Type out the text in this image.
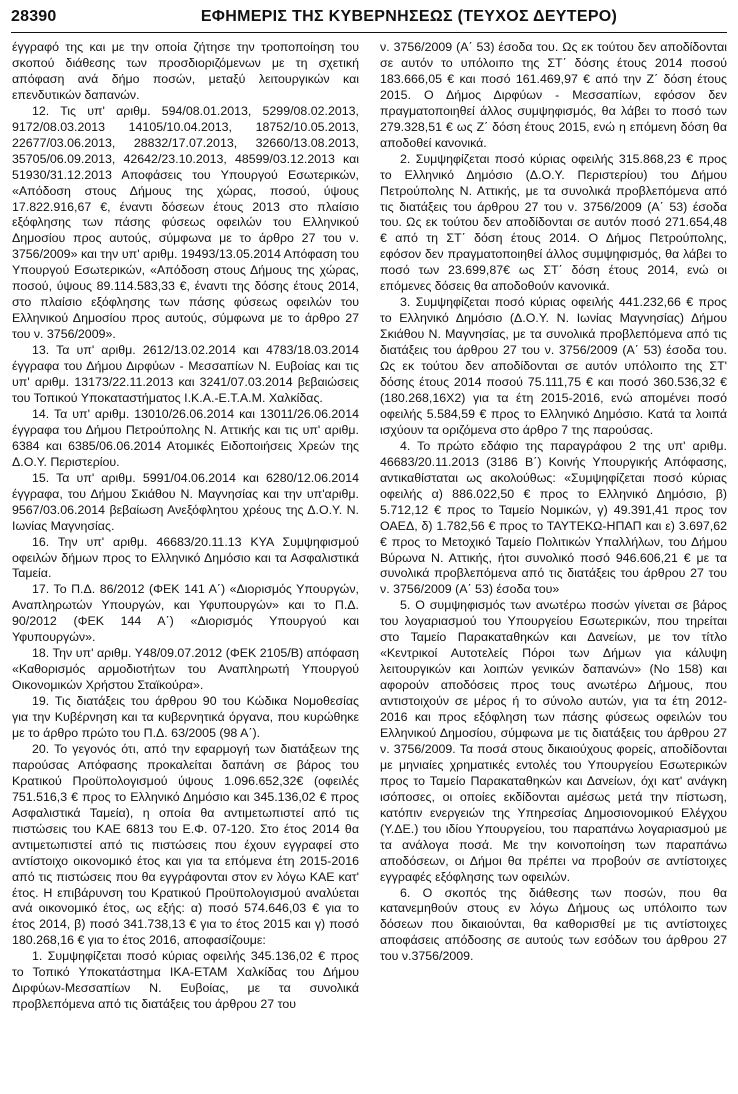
28390	ΕΦΗΜΕΡΙΣ ΤΗΣ ΚΥΒΕΡΝΗΣΕΩΣ (ΤΕΥΧΟΣ ΔΕΥΤΕΡΟ)

έγγραφό της και με την οποία ζήτησε την τροποποίηση του σκοπού διάθεσης των προσδιοριζόμενων με τη σχετική απόφαση ανά δήμο ποσών, μεταξύ λειτουργικών και επενδυτικών δαπανών.

12. Τις υπ' αριθμ. 594/08.01.2013, 5299/08.02.2013, 9172/08.03.2013 14105/10.04.2013, 18752/10.05.2013, 22677/03.06.2013, 28832/17.07.2013, 32660/13.08.2013, 35705/06.09.2013, 42642/23.10.2013, 48599/03.12.2013 και 51930/31.12.2013 Αποφάσεις του Υπουργού Εσωτερικών, «Απόδοση στους Δήμους της χώρας, ποσού, ύψους 17.822.916,67 €, έναντι δόσεων έτους 2013 στο πλαίσιο εξόφλησης των πάσης φύσεως οφειλών του Ελληνικού Δημοσίου προς αυτούς, σύμφωνα με το άρθρο 27 του ν. 3756/2009» και την υπ' αριθμ. 19493/13.05.2014 Απόφαση του Υπουργού Εσωτερικών, «Απόδοση στους Δήμους της χώρας, ποσού, ύψους 89.114.583,33 €, έναντι της δόσης έτους 2014, στο πλαίσιο εξόφλησης των πάσης φύσεως οφειλών του Ελληνικού Δημοσίου προς αυτούς, σύμφωνα με το άρθρο 27 του ν. 3756/2009».

13. Τα υπ' αριθμ. 2612/13.02.2014 και 4783/18.03.2014 έγγραφα του Δήμου Διρφύων - Μεσσαπίων Ν. Ευβοίας και τις υπ' αριθμ. 13173/22.11.2013 και 3241/07.03.2014 βεβαιώσεις του Τοπικού Υποκαταστήματος Ι.Κ.Α.-Ε.Τ.Α.Μ. Χαλκίδας.

14. Τα υπ' αριθμ. 13010/26.06.2014 και 13011/26.06.2014 έγγραφα του Δήμου Πετρούπολης Ν. Αττικής και τις υπ' αριθμ. 6384 και 6385/06.06.2014 Ατομικές Ειδοποιήσεις Χρεών της Δ.Ο.Υ. Περιστερίου.

15. Τα υπ' αριθμ. 5991/04.06.2014 και 6280/12.06.2014 έγγραφα, του Δήμου Σκιάθου Ν. Μαγνησίας και την υπ'αριθμ. 9567/03.06.2014 βεβαίωση Ανεξόφλητου χρέους της Δ.Ο.Υ. Ν. Ιωνίας Μαγνησίας.

16. Την υπ' αριθμ. 46683/20.11.13 ΚΥΑ Συμψηφισμού οφειλών δήμων προς το Ελληνικό Δημόσιο και τα Ασφαλιστικά Ταμεία.

17. Το Π.Δ. 86/2012 (ΦΕΚ 141 Α΄) «Διορισμός Υπουργών, Αναπληρωτών Υπουργών, και Υφυπουργών» και το Π.Δ. 90/2012 (ΦΕΚ 144 Α΄) «Διορισμός Υπουργού και Υφυπουργών».

18. Την υπ' αριθμ. Υ48/09.07.2012 (ΦΕΚ 2105/Β) απόφαση «Καθορισμός αρμοδιοτήτων του Αναπληρωτή Υπουργού Οικονομικών Χρήστου Σταϊκούρα».

19. Τις διατάξεις του άρθρου 90 του Κώδικα Νομοθεσίας για την Κυβέρνηση και τα κυβερνητικά όργανα, που κυρώθηκε με το άρθρο πρώτο του Π.Δ. 63/2005 (98 Α΄).

20. Το γεγονός ότι, από την εφαρμογή των διατάξεων της παρούσας Απόφασης προκαλείται δαπάνη σε βάρος του Κρατικού Προϋπολογισμού ύψους 1.096.652,32€ (οφειλές 751.516,3 € προς το Ελληνικό Δημόσιο και 345.136,02 € προς Ασφαλιστικά Ταμεία), η οποία θα αντιμετωπιστεί από τις πιστώσεις του ΚΑΕ 6813 του Ε.Φ. 07-120. Στο έτος 2014 θα αντιμετωπιστεί από τις πιστώσεις που έχουν εγγραφεί στο αντίστοιχο οικονομικό έτος και για τα επόμενα έτη 2015-2016 από τις πιστώσεις που θα εγγράφονται στον εν λόγω ΚΑΕ κατ' έτος. Η επιβάρυνση του Κρατικού Προϋπολογισμού αναλύεται ανά οικονομικό έτος, ως εξής: α) ποσό 574.646,03 € για το έτος 2014, β) ποσό 341.738,13 € για το έτος 2015 και γ) ποσό 180.268,16 € για το έτος 2016, αποφασίζουμε:

1. Συμψηφίζεται ποσό κύριας οφειλής 345.136,02 € προς το Τοπικό Υποκατάστημα ΙΚΑ-ΕΤΑΜ Χαλκίδας του Δήμου Διρφύων-Μεσσαπίων Ν. Ευβοίας, με τα συνολικά προβλεπόμενα από τις διατάξεις του άρθρου 27 του

ν. 3756/2009 (Α΄ 53) έσοδα του. Ως εκ τούτου δεν αποδίδονται σε αυτόν το υπόλοιπο της ΣΤ΄ δόσης έτους 2014 ποσού 183.666,05 € και ποσό 161.469,97 € από την Ζ΄ δόση έτους 2015. Ο Δήμος Διρφύων - Μεσσαπίων, εφόσον δεν πραγματοποιηθεί άλλος συμψηφισμός, θα λάβει το ποσό των 279.328,51 € ως Ζ΄ δόση έτους 2015, ενώ η επόμενη δόση θα αποδοθεί κανονικά.

2. Συμψηφίζεται ποσό κύριας οφειλής 315.868,23 € προς το Ελληνικό Δημόσιο (Δ.Ο.Υ. Περιστερίου) του Δήμου Πετρούπολης Ν. Αττικής, με τα συνολικά προβλεπόμενα από τις διατάξεις του άρθρου 27 του ν. 3756/2009 (Α΄ 53) έσοδα του. Ως εκ τούτου δεν αποδίδονται σε αυτόν ποσό 271.654,48 € από τη ΣΤ΄ δόση έτους 2014. Ο Δήμος Πετρούπολης, εφόσον δεν πραγματοποιηθεί άλλος συμψηφισμός, θα λάβει το ποσό των 23.699,87€ ως ΣΤ΄ δόση έτους 2014, ενώ οι επόμενες δόσεις θα αποδοθούν κανονικά.

3. Συμψηφίζεται ποσό κύριας οφειλής 441.232,66 € προς το Ελληνικό Δημόσιο (Δ.Ο.Υ. Ν. Ιωνίας Μαγνησίας) Δήμου Σκιάθου Ν. Μαγνησίας, με τα συνολικά προβλεπόμενα από τις διατάξεις του άρθρου 27 του ν. 3756/2009 (Α΄ 53) έσοδα του. Ως εκ τούτου δεν αποδίδονται σε αυτόν υπόλοιπο της ΣΤ' δόσης έτους 2014 ποσού 75.111,75 € και ποσό 360.536,32 € (180.268,16Χ2) για τα έτη 2015-2016, ενώ απομένει ποσό οφειλής 5.584,59 € προς το Ελληνικό Δημόσιο. Κατά τα λοιπά ισχύουν τα οριζόμενα στο άρθρο 7 της παρούσας.

4. Το πρώτο εδάφιο της παραγράφου 2 της υπ' αριθμ. 46683/20.11.2013 (3186 Β΄) Κοινής Υπουργικής Απόφασης, αντικαθίσταται ως ακολούθως: «Συμψηφίζεται ποσό κύριας οφειλής α) 886.022,50 € προς το Ελληνικό Δημόσιο, β) 5.712,12 € προς το Ταμείο Νομικών, γ) 49.391,41 προς τον ΟΑΕΔ, δ) 1.782,56 € προς το ΤΑΥΤΕΚΩ-ΗΠΑΠ και ε) 3.697,62 € προς το Μετοχικό Ταμείο Πολιτικών Υπαλλήλων, του Δήμου Βύρωνα Ν. Αττικής, ήτοι συνολικό ποσό 946.606,21 € με τα συνολικά προβλεπόμενα από τις διατάξεις του άρθρου 27 του ν. 3756/2009 (Α΄ 53) έσοδα του»

5. Ο συμψηφισμός των ανωτέρω ποσών γίνεται σε βάρος του λογαριασμού του Υπουργείου Εσωτερικών, που τηρείται στο Ταμείο Παρακαταθηκών και Δανείων, με τον τίτλο «Κεντρικοί Αυτοτελείς Πόροι των Δήμων για κάλυψη λειτουργικών και λοιπών γενικών δαπανών» (Νο 158) και αφορούν αποδόσεις προς τους ανωτέρω Δήμους, που αντιστοιχούν σε μέρος ή το σύνολο αυτών, για τα έτη 2012-2016 και προς εξόφληση των πάσης φύσεως οφειλών του Ελληνικού Δημοσίου, σύμφωνα με τις διατάξεις του άρθρου 27 ν. 3756/2009. Τα ποσά στους δικαιούχους φορείς, αποδίδονται με μηνιαίες χρηματικές εντολές του Υπουργείου Εσωτερικών προς το Ταμείο Παρακαταθηκών και Δανείων, όχι κατ' ανάγκη ισόποσες, οι οποίες εκδίδονται αμέσως μετά την πίστωση, κατόπιν ενεργειών της Υπηρεσίας Δημοσιονομικού Ελέγχου (Υ.ΔΕ.) του ιδίου Υπουργείου, του παραπάνω λογαριασμού με τα ανάλογα ποσά. Με την κοινοποίηση των παραπάνω αποδόσεων, οι Δήμοι θα πρέπει να προβούν σε αντίστοιχες εγγραφές εξόφλησης των οφειλών.

6. Ο σκοπός της διάθεσης των ποσών, που θα κατανεμηθούν στους εν λόγω Δήμους ως υπόλοιπο των δόσεων που δικαιούνται, θα καθορισθεί με τις αντίστοιχες αποφάσεις απόδοσης σε αυτούς των εσόδων του άρθρου 27 του ν.3756/2009.
